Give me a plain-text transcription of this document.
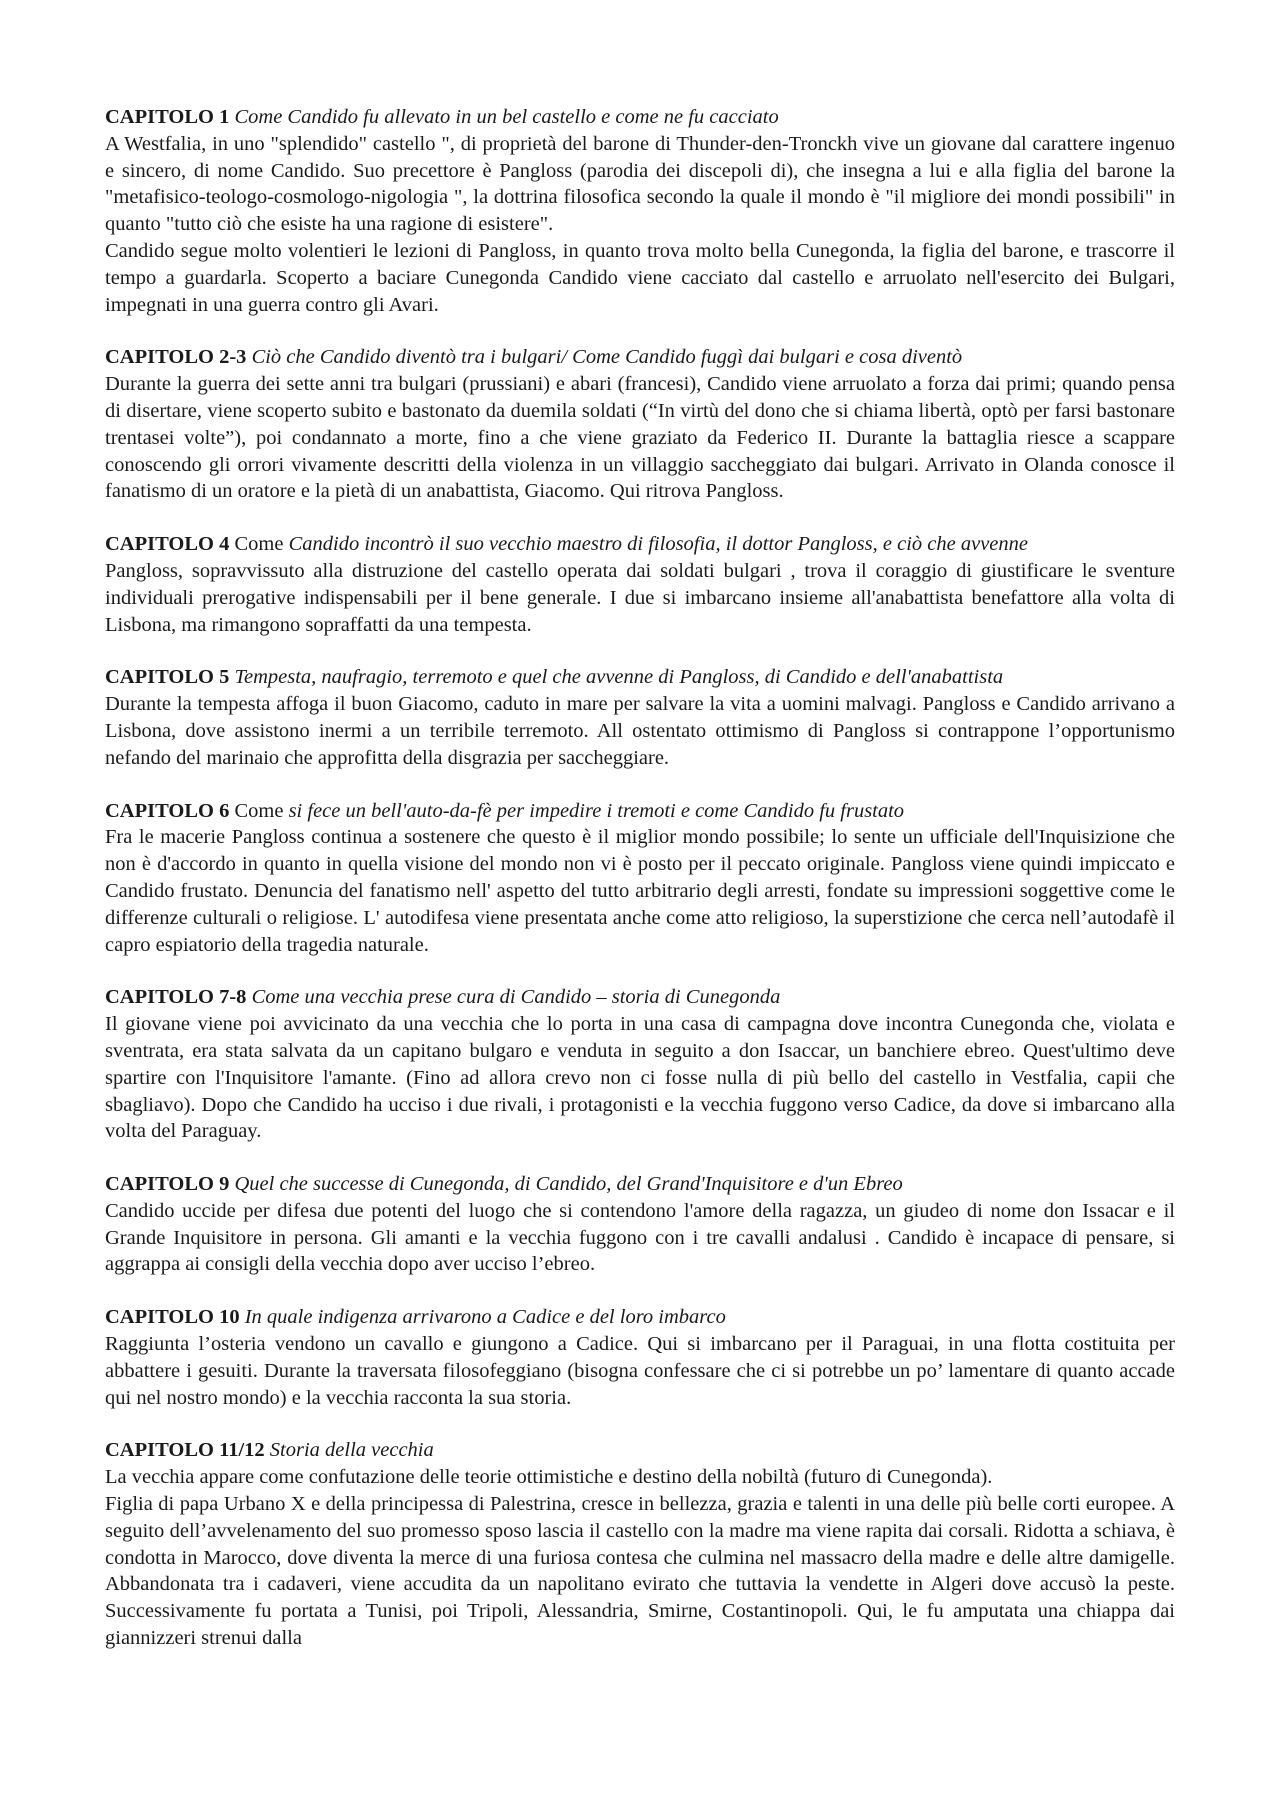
CAPITOLO 1 Come Candido fu allevato in un bel castello e come ne fu cacciato

A Westfalia, in uno "splendido" castello ", di proprietà del barone di Thunder-den-Tronckh vive un giovane dal carattere ingenuo e sincero, di nome Candido. Suo precettore è Pangloss (parodia dei discepoli di), che insegna a lui e alla figlia del barone la "metafisico-teologo-cosmologo-nigologia ", la dottrina filosofica secondo la quale il mondo è "il migliore dei mondi possibili" in quanto "tutto ciò che esiste ha una ragione di esistere".

Candido segue molto volentieri le lezioni di Pangloss, in quanto trova molto bella Cunegonda, la figlia del barone, e trascorre il tempo a guardarla. Scoperto a baciare Cunegonda Candido viene cacciato dal castello e arruolato nell'esercito dei Bulgari, impegnati in una guerra contro gli Avari.

CAPITOLO 2-3 Ciò che Candido diventò tra i bulgari/ Come Candido fuggì dai bulgari e cosa diventò

Durante la guerra dei sette anni tra bulgari (prussiani) e abari (francesi), Candido viene arruolato a forza dai primi; quando pensa di disertare, viene scoperto subito e bastonato da duemila soldati (“In virtù del dono che si chiama libertà, optò per farsi bastonare trentasei volte”), poi condannato a morte, fino a che viene graziato da Federico II. Durante la battaglia riesce a scappare conoscendo gli orrori vivamente descritti della violenza in un villaggio saccheggiato dai bulgari. Arrivato in Olanda conosce il fanatismo di un oratore e la pietà di un anabattista, Giacomo. Qui ritrova Pangloss.

CAPITOLO 4 Come Candido incontrò il suo vecchio maestro di filosofia, il dottor Pangloss, e ciò che avvenne

Pangloss, sopravvissuto alla distruzione del castello operata dai soldati bulgari , trova il coraggio di giustificare le sventure individuali prerogative indispensabili per il bene generale. I due si imbarcano insieme all'anabattista benefattore alla volta di Lisbona, ma rimangono sopraffatti da una tempesta.

CAPITOLO 5 Tempesta, naufragio, terremoto e quel che avvenne di Pangloss, di Candido e dell'anabattista

Durante la tempesta affoga il buon Giacomo, caduto in mare per salvare la vita a uomini malvagi. Pangloss e Candido arrivano a Lisbona, dove assistono inermi a un terribile terremoto. All ostentato ottimismo di Pangloss si contrappone l’opportunismo nefando del marinaio che approfitta della disgrazia per saccheggiare.

CAPITOLO 6 Come si fece un bell'auto-da-fè per impedire i tremoti e come Candido fu frustato

Fra le macerie Pangloss continua a sostenere che questo è il miglior mondo possibile; lo sente un ufficiale dell'Inquisizione che non è d'accordo in quanto in quella visione del mondo non vi è posto per il peccato originale. Pangloss viene quindi impiccato e Candido frustato. Denuncia del fanatismo nell' aspetto del tutto arbitrario degli arresti, fondate su impressioni soggettive come le differenze culturali o religiose. L' autodifesa viene presentata anche come atto religioso, la superstizione che cerca nell’autodafè il capro espiatorio della tragedia naturale.

CAPITOLO 7-8 Come una vecchia prese cura di Candido – storia di Cunegonda

Il giovane viene poi avvicinato da una vecchia che lo porta in una casa di campagna dove incontra Cunegonda che, violata e sventrata, era stata salvata da un capitano bulgaro e venduta in seguito a don Isaccar, un banchiere ebreo. Quest'ultimo deve spartire con l'Inquisitore l'amante. (Fino ad allora crevo non ci fosse nulla di più bello del castello in Vestfalia, capii che sbagliavo). Dopo che Candido ha ucciso i due rivali, i protagonisti e la vecchia fuggono verso Cadice, da dove si imbarcano alla volta del Paraguay.

CAPITOLO 9 Quel che successe di Cunegonda, di Candido, del Grand'Inquisitore e d'un Ebreo

Candido uccide per difesa due potenti del luogo che si contendono l'amore della ragazza, un giudeo di nome don Issacar e il Grande Inquisitore in persona. Gli amanti e la vecchia fuggono con i tre cavalli andalusi . Candido è incapace di pensare, si aggrappa ai consigli della vecchia dopo aver ucciso l’ebreo.

CAPITOLO 10 In quale indigenza arrivarono a Cadice e del loro imbarco

Raggiunta l’osteria vendono un cavallo e giungono a Cadice. Qui si imbarcano per il Paraguai, in una flotta costituita per abbattere i gesuiti. Durante la traversata filosofeggiano (bisogna confessare che ci si potrebbe un po’ lamentare di quanto accade qui nel nostro mondo) e la vecchia racconta la sua storia.

CAPITOLO 11/12 Storia della vecchia

La vecchia appare come confutazione delle teorie ottimistiche e destino della nobiltà (futuro di Cunegonda).

Figlia di papa Urbano X e della principessa di Palestrina, cresce in bellezza, grazia e talenti in una delle più belle corti europee. A seguito dell’avvelenamento del suo promesso sposo lascia il castello con la madre ma viene rapita dai corsali. Ridotta a schiava, è condotta in Marocco, dove diventa la merce di una furiosa contesa che culmina nel massacro della madre e delle altre damigelle. Abbandonata tra i cadaveri, viene accudita da un napolitano evirato che tuttavia la vendette in Algeri dove accusò la peste. Successivamente fu portata a Tunisi, poi Tripoli, Alessandria, Smirne, Costantinopoli. Qui, le fu amputata una chiappa dai giannizzeri strenui dalla
